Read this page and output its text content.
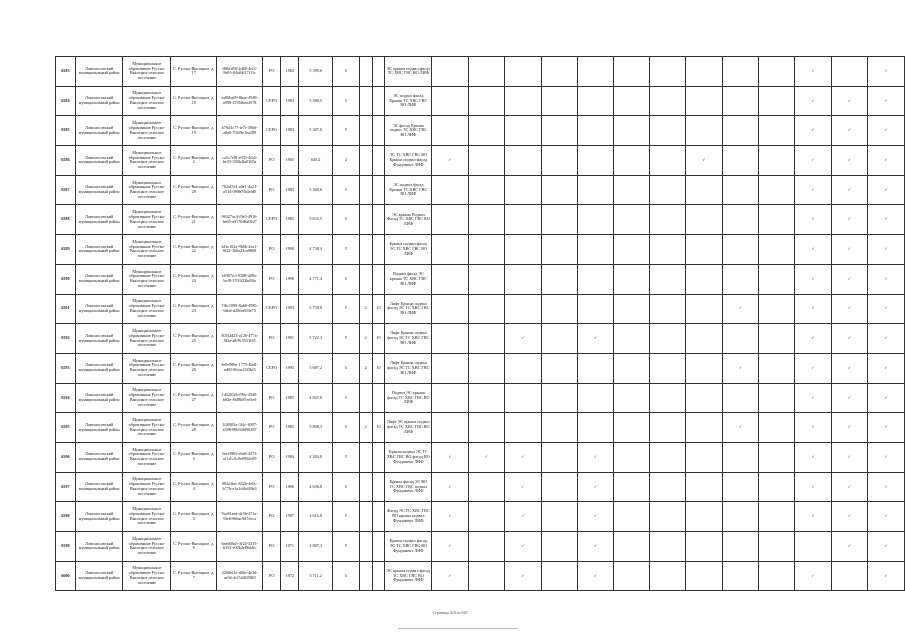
6583	Ломоносовский муниципальный район	Муниципальное образование Русско-Высоцкое сельское поселение	С. Русско-Высоцкое, д. 17	f8fbfd58-2d48-4ef3-8e03-84af6617f11c	РО	1982	5 399,6	5			ЭС крыша подвал фасад ТС ХВС ГВС ВО ЛИФ											✓		✓
6584	Ломоносовский муниципальный район	Муниципальное образование Русско-Высоцкое сельское поселение	С. Русско-Высоцкое, д. 18	ea80ba09-8bae-4938-a998-4705fbea2078	СЕРО	1983	5 380,5	5			ЭС подвал фасад Крыша ТС ХВС ГВС ВО ЛИФ											✓	✓	✓
6585	Ломоносовский муниципальный район	Муниципальное образование Русско-Высоцкое сельское поселение	С. Русско-Высоцкое, д. 19	b7634c77-fe7f-49b6-a8a0-79f29e1ea288	СЕРО	1983	5 387,0	5			ЭС фасад Крыша подвал ТС ХВС ГВС ВО ЛИФ											✓	✓	✓
6586	Ломоносовский муниципальный район	Муниципальное образование Русско-Высоцкое сельское поселение	С. Русско-Высоцкое, д. 2	ca5c7e8f-e933-4fb5-be55-330b4fa0295a	РО	1965	645,2	2			ЭС ТС ХВС ГВС ВО Крыша подвал фасад Фундамент ЛИФ	✓							✓			✓	✓	✓
6587	Ломоносовский муниципальный район	Муниципальное образование Русско-Высоцкое сельское поселение	С. Русско-Высоцкое, д. 20	762af7e4-a0e1-4a21-a51d-090b7fb4efd6	РО	1983	5 389,6	5			ЭС подвал фасад Крыша ТС ХВС ГВС ВО ЛИФ											✓	✓	✓
6588	Ломоносовский муниципальный район	Муниципальное образование Русско-Высоцкое сельское поселение	С. Русско-Высоцкое, д. 21	96527ac4-f9e5-4916-be65-a9170d8a0627	СЕРО	1985	5 633,5	5			ЭС крыша Подвал Фасад ТС ХВС ГВС ВО ЛИФ											✓	✓	✓
6589	Ломоносовский муниципальный район	Муниципальное образование Русско-Высоцкое сельское поселение	С. Русско-Высоцкое, д. 22	bf3e102a-9b8b-4ea1-8f22-3b0e23ca9868	РО	1990	4 738,4	5			Крыша подвал фасад ЭС ТС ХВС ГВС ВО ЛИФ											✓	✓	✓
6590	Ломоносовский муниципальный район	Муниципальное образование Русско-Высоцкое сельское поселение	С. Русско-Высоцкое, д. 23	b9f07fcf-9588-4f8b-bcf8-1703f22bd9fa	РО	1990	4 771,4	5			Подвал фасад ЭС крыша ТС ХВС ГВС ВО ЛИФ											✓	✓	✓
6591	Ломоносовский муниципальный район	Муниципальное образование Русско-Высоцкое сельское поселение	С. Русско-Высоцкое, д. 24	7f6c1099-8a68-4985-9abd-d20fea9f4e73	СЕРО	1993	5 750,8	5	2	10	Лифт Крыша подвал фасад ЭС ТС ХВС ГВС ВО ЛИФ									✓		✓	✓	✓
6592	Ломоносовский муниципальный район	Муниципальное образование Русско-Высоцкое сельское поселение	С. Русско-Высоцкое, д. 25	805f2d23-a126-477a-8f2a-a8f9c3553f65	РО	1991	5 722,3	5	2	10	Лифт Крыша подвал фасад ЭС ТС ХВС ГВС ВО ЛИФ			✓		✓						✓	✓	✓
6593	Ломоносовский муниципальный район	Муниципальное образование Русско-Высоцкое сельское поселение	С. Русско-Высоцкое, д. 26	3e0e986e-1775-4bd1-ad69-0bfac23f5bf5	СЕРО	1993	5 687,2	5	2	10	Лифт Крыша подвал фасад ЭС ТС ХВС ГВС ВО ЛИФ									✓		✓	✓	✓
6594	Ломоносовский муниципальный район	Муниципальное образование Русско-Высоцкое сельское поселение	С. Русско-Высоцкое, д. 27	1d52f026-f99c-45d0-b62e-8f49b87ee5e6	РО	1985	4 847,0	5			Подвал ЭС крыша фасад ТС ХВС ГВС ВО ЛИФ											✓	✓	✓
6595	Ломоносовский муниципальный район	Муниципальное образование Русско-Высоцкое сельское поселение	С. Русско-Высоцкое, д. 28	1f40f05a-3f4c-4087-a588-88b94fd96287	РО	1985	5 808,3	5	2	10	Лифт ЭС крыша подвал фасад ТС ХВС ГВС ВО ЛИФ									✓		✓	✓	✓
6596	Ломоносовский муниципальный район	Муниципальное образование Русско-Высоцкое сельское поселение	С. Русско-Высоцкое, д. 3	3eaf3965-e6e8-4373-a11d-c0c0e6962e99	РО	1984	4 384,8	5			Крыша подвал ЭС ТС ХВС ГВС ВО фасад ВО Фундамент ЛИФ	✓	✓	✓		✓						✓	✓	✓
6597	Ломоносовский муниципальный район	Муниципальное образование Русско-Высоцкое сельское поселение	С. Русско-Высоцкое, д. 4	982a3fac-832b-4e0c-b77b-e1a1c6bd49a3	РО	1986	4 636,8	5			Крыша фасад ЭС ВО ТС ХВС ГВС подвал Фундамент ЛИФ	✓		✓		✓						✓	✓	✓
6598	Ломоносовский муниципальный район	Муниципальное образование Русско-Высоцкое сельское поселение	С. Русско-Высоцкое, д. 5	9ce81aea-dc5b-471a-9fe8-96dac9d7eeca	РО	1987	4 616,8	5			Фасад ЭС ТС ХВС ГВС ВО крыша подвал Фундамент ЛИФ	✓		✓		✓						✓	✓	✓
6599	Ломоносовский муниципальный район	Муниципальное образование Русско-Высоцкое сельское поселение	С. Русско-Высоцкое, д. 6	6ea0d8a5-3f24-4315-b352-e00b2e86d4fc	РО	1971	4 887,3	5			Крыша подвал фасад ЭС ТС ХВС ГВС ВО Фундамент ЛИФ	✓		✓		✓							✓	✓
6600	Ломоносовский муниципальный район	Муниципальное образование Русско-Высоцкое сельское поселение	С. Русско-Высоцкое, д. 7	4268ef1e-d0bc-4e3d-ae54-4cf7a68f58f0	РО	1972	5 711,2	5			ЭС крыша подвал фасад ТС ХВС ГВС ВО Фундамент ЛИФ	✓		✓		✓						✓		✓
Страница 418 из 628
